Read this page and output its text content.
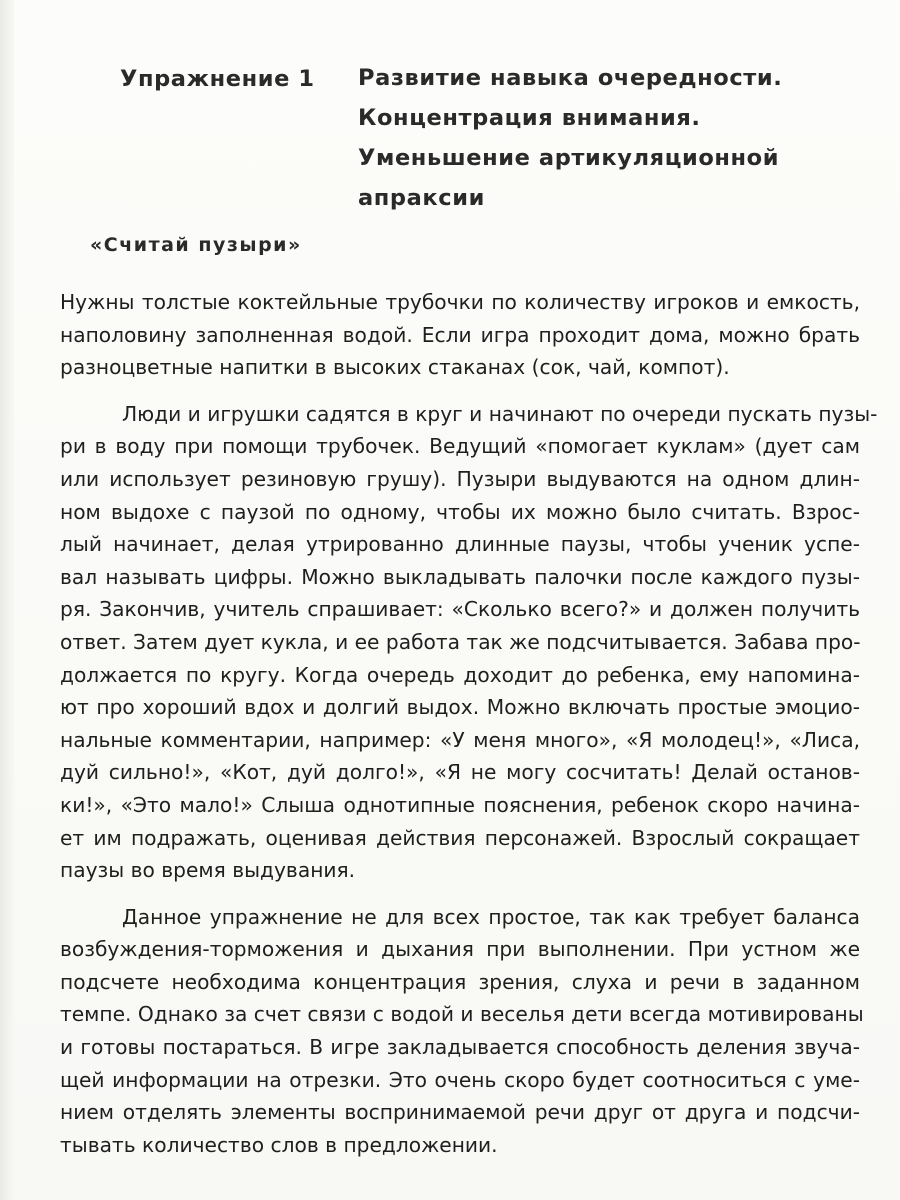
Упражнение 1 Развитие навыка очередности.
Концентрация внимания.
Уменьшение артикуляционной
апраксии
«Считай пузыри»

Нужны толстые коктейльные трубочки по количеству игроков и емкость,
наполовину заполненная водой. Если игра проходит дома, можно брать
разноцветные напитки в высоких стаканах (сок, чай, компот).

Люди и игрушки садятся в круг и начинают по очереди пускать пузы-
ри в воду при помощи трубочек. Ведущий «помогает куклам» (дует сам
или использует резиновую грушу). Пузыри выдуваются на одном длин-
ном выдохе с паузой по одному, чтобы их можно было считать. Взрос-
лый начинает, делая утрированно длинные паузы, чтобы ученик успе-
вал называть цифры. Можно выкладывать палочки после каждого пузы-
ря. Закончив, учитель спрашивает: «Сколько всего?» и должен получить
ответ. Затем дует кукла, и ее работа так же подсчитывается. Забава про-
должается по кругу. Когда очередь доходит до ребенка, ему напомина-
ют про хороший вдох и долгий выдох. Можно включать простые эмоцио-
нальные комментарии, например: «У меня много», «Я молодец!», «Лиса,
дуй сильно!», «Кот, дуй долго!», «Я не могу сосчитать! Делай останов-
ки!», «Это мало!» Слыша однотипные пояснения, ребенок скоро начина-
ет им подражать, оценивая действия персонажей. Взрослый сокращает
паузы во время выдувания.

Данное упражнение не для всех простое, так как требует баланса
возбуждения-торможения и дыхания при выполнении. При устном же
подсчете необходима концентрация зрения, слуха и речи в заданном
темпе. Однако за счет связи с водой и веселья дети всегда мотивированы
и готовы постараться. В игре закладывается способность деления звуча-
щей информации на отрезки. Это очень скоро будет соотноситься с уме-
нием отделять элементы воспринимаемой речи друг от друга и подсчи-
тывать количество слов в предложении.
